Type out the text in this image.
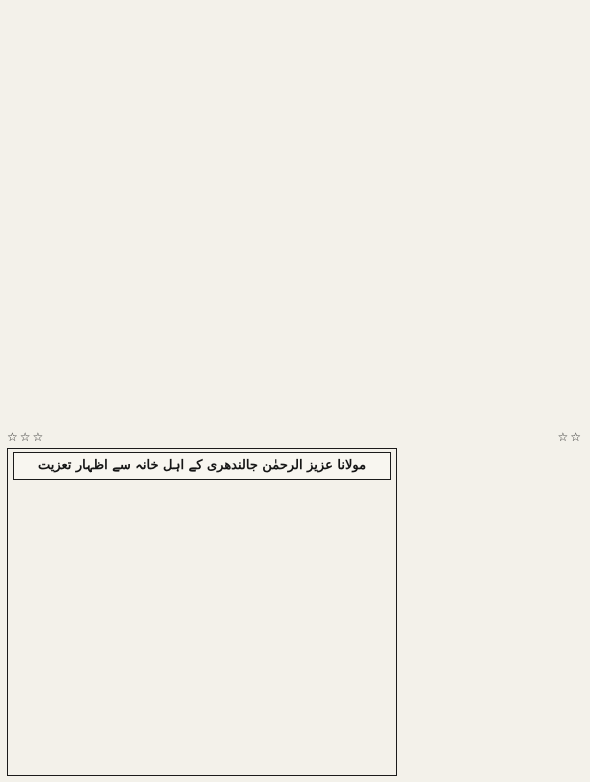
☆☆
☆☆☆
مولانا عزیز الرحمٰن جالندھری کے اہل خانہ سے اظہار تعزیت
